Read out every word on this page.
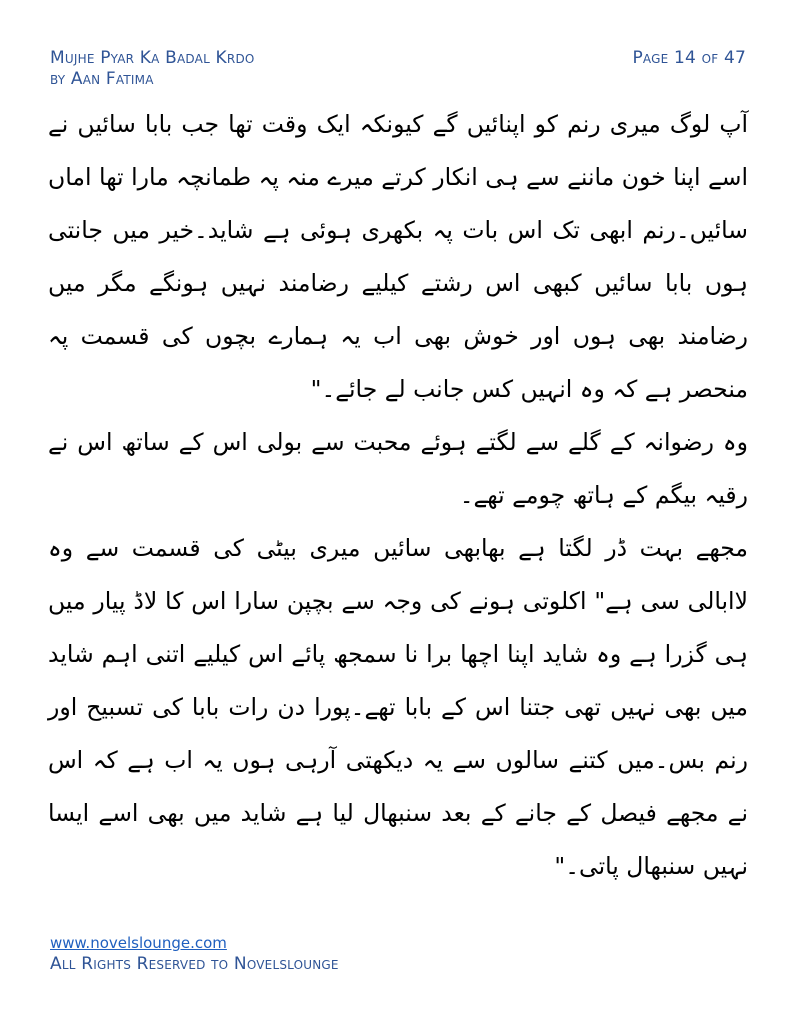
Mujhe Pyar Ka Badal Krdo
by Aan Fatima
Page 14 of 47

آپ لوگ میری رنم کو اپنائیں گے کیونکہ ایک وقت تھا جب بابا سائیں نے اسے اپنا خون ماننے سے ہی انکار کرتے میرے منہ پہ طمانچہ مارا تھا اماں سائیں۔رنم ابھی تک اس بات پہ بکھری ہوئی ہے شاید۔خیر میں جانتی ہوں بابا سائیں کبھی اس رشتے کیلیے رضامند نہیں ہونگے مگر میں رضامند بھی ہوں اور خوش بھی اب یہ ہمارے بچوں کی قسمت پہ منحصر ہے کہ وہ انہیں کس جانب لے جائے۔"

وہ رضوانہ کے گلے سے لگتے ہوئے محبت سے بولی اس کے ساتھ اس نے رقیہ بیگم کے ہاتھ چومے تھے۔

مجھے بہت ڈر لگتا ہے بھابھی سائیں میری بیٹی کی قسمت سے وہ لاابالی سی ہے" اکلوتی ہونے کی وجہ سے بچپن سارا اس کا لاڈ پیار میں ہی گزرا ہے وہ شاید اپنا اچھا برا نا سمجھ پائے اس کیلیے اتنی اہم شاید میں بھی نہیں تھی جتنا اس کے بابا تھے۔پورا دن رات بابا کی تسبیح اور رنم بس۔میں کتنے سالوں سے یہ دیکھتی آرہی ہوں یہ اب ہے کہ اس نے مجھے فیصل کے جانے کے بعد سنبھال لیا ہے شاید میں بھی اسے ایسا نہیں سنبھال پاتی۔"

www.novelslounge.com
All Rights Reserved to Novelslounge
